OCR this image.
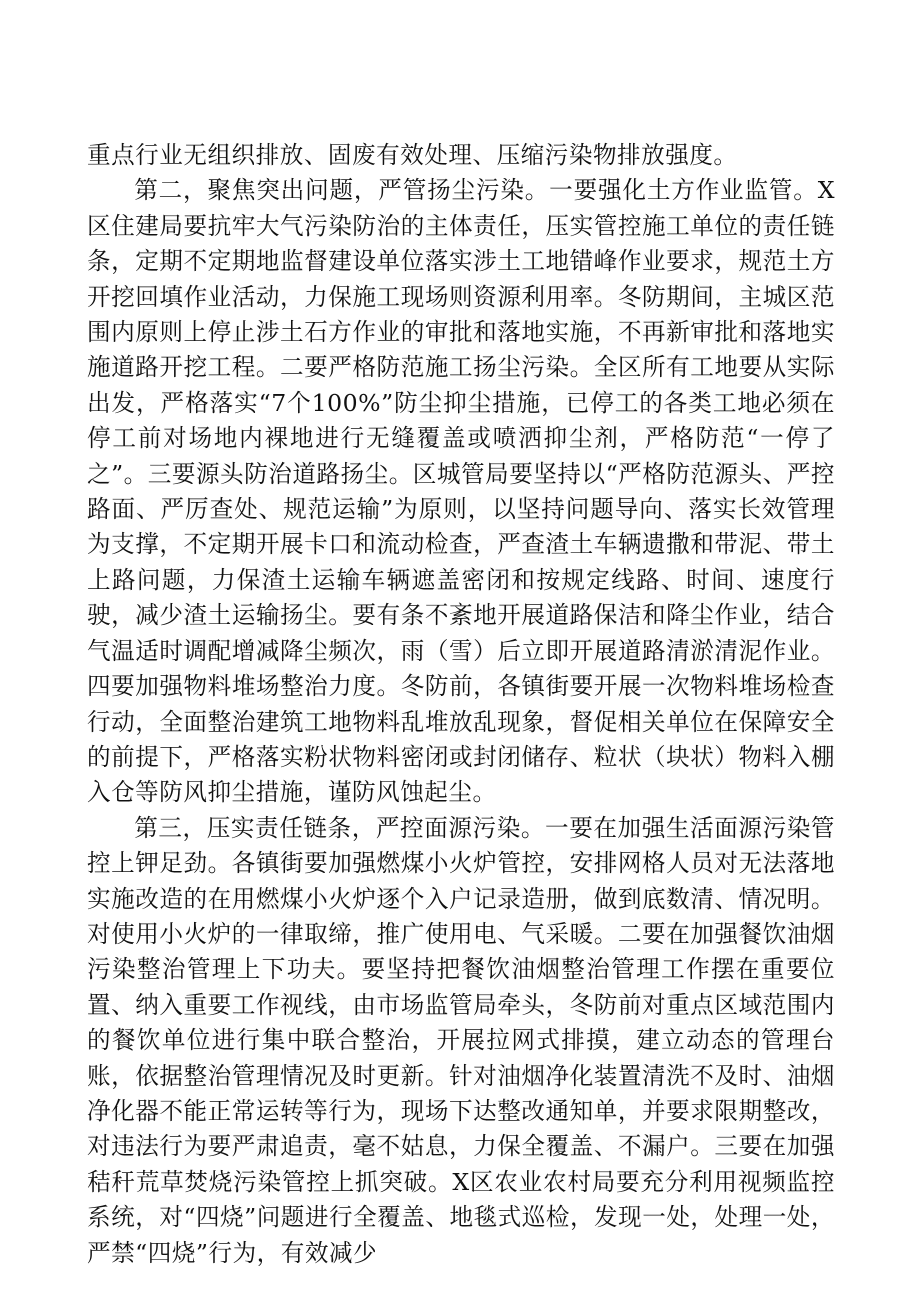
重点行业无组织排放、固废有效处理、压缩污染物排放强度。

第二，聚焦突出问题，严管扬尘污染。一要强化土方作业监管。X区住建局要抗牢大气污染防治的主体责任，压实管控施工单位的责任链条，定期不定期地监督建设单位落实涉土工地错峰作业要求，规范土方开挖回填作业活动，力保施工现场则资源利用率。冬防期间，主城区范围内原则上停止涉土石方作业的审批和落地实施，不再新审批和落地实施道路开挖工程。二要严格防范施工扬尘污染。全区所有工地要从实际出发，严格落实“7个100%”防尘抑尘措施，已停工的各类工地必须在停工前对场地内裸地进行无缝覆盖或喷洒抑尘剂，严格防范“一停了之”。三要源头防治道路扬尘。区城管局要坚持以“严格防范源头、严控路面、严厉查处、规范运输”为原则，以坚持问题导向、落实长效管理为支撑，不定期开展卡口和流动检查，严查渣土车辆遗撒和带泥、带土上路问题，力保渣土运输车辆遮盖密闭和按规定线路、时间、速度行驶，减少渣土运输扬尘。要有条不紊地开展道路保洁和降尘作业，结合气温适时调配增减降尘频次，雨（雪）后立即开展道路清淤清泥作业。四要加强物料堆场整治力度。冬防前，各镇街要开展一次物料堆场检查行动，全面整治建筑工地物料乱堆放乱现象，督促相关单位在保障安全的前提下，严格落实粉状物料密闭或封闭储存、粒状（块状）物料入棚入仓等防风抑尘措施，谨防风蚀起尘。

第三，压实责任链条，严控面源污染。一要在加强生活面源污染管控上钾足劲。各镇街要加强燃煤小火炉管控，安排网格人员对无法落地实施改造的在用燃煤小火炉逐个入户记录造册，做到底数清、情况明。对使用小火炉的一律取缔，推广使用电、气采暖。二要在加强餐饮油烟污染整治管理上下功夫。要坚持把餐饮油烟整治管理工作摆在重要位置、纳入重要工作视线，由市场监管局牵头，冬防前对重点区域范围内的餐饮单位进行集中联合整治，开展拉网式排摸，建立动态的管理台账，依据整治管理情况及时更新。针对油烟净化装置清洗不及时、油烟净化器不能正常运转等行为，现场下达整改通知单，并要求限期整改，对违法行为要严肃追责，毫不姑息，力保全覆盖、不漏户。三要在加强秸秆荒草焚烧污染管控上抓突破。X区农业农村局要充分利用视频监控系统，对“四烧”问题进行全覆盖、地毯式巡检，发现一处，处理一处，严禁“四烧”行为，有效减少
